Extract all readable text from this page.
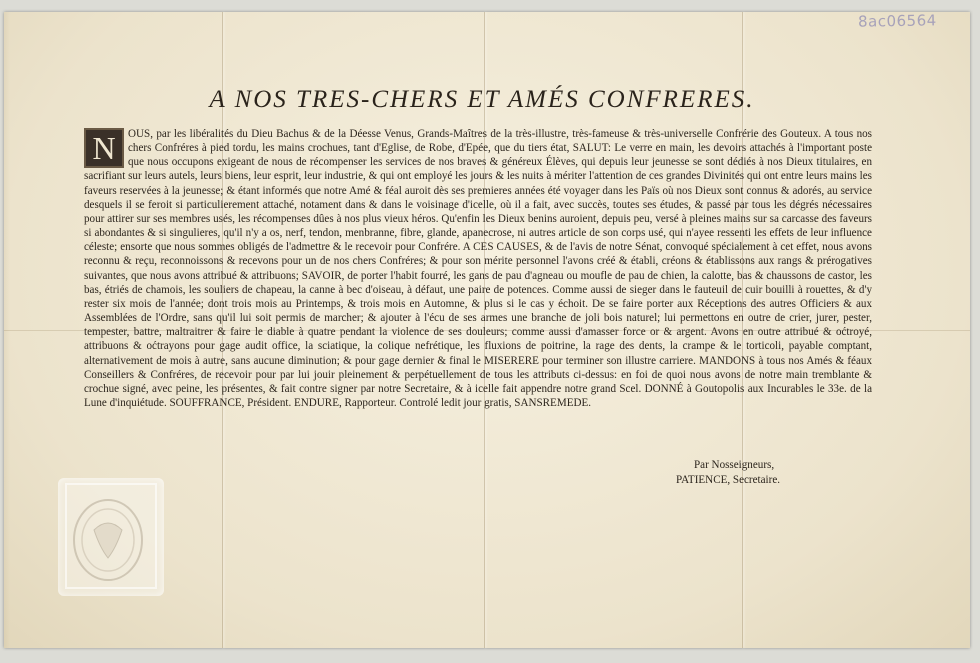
8ac06564
A NOS TRES-CHERS ET AMÉS CONFRERES.
N	OUS, par les libéralités du Dieu Bachus & de la Déesse Venus, Grands-Maîtres de la très-illustre, très-fameuse & très-universelle Confrérie des Gouteux. A tous nos chers Confréres à pied tordu, les mains crochues, tant d'Eglise, de Robe, d'Epée, que du tiers état, SALUT: Le verre en main, les devoirs attachés à l'important poste que nous occupons exigeant de nous de récompenser les services de nos braves & généreux Élèves, qui depuis leur jeunesse se sont dédiés à nos Dieux titulaires, en sacrifiant sur leurs autels, leurs biens, leur esprit, leur industrie, & qui ont employé les jours & les nuits à mériter l'attention de ces grandes Divinités qui ont entre leurs mains les faveurs reservées à la jeunesse; & étant informés que notre Amé & féal auroit dès ses premieres années été voyager dans les Païs où nos Dieux sont connus & adorés, au service desquels il se feroit si particulierement attaché, notament dans & dans le voisinage d'icelle, où il a fait, avec succès, toutes ses études, & passé par tous les dégrés nécessaires pour attirer sur ses membres usés, les récompenses dûes à nos plus vieux héros. Qu'enfin les Dieux benins auroient, depuis peu, versé à pleines mains sur sa carcasse des faveurs si abondantes & si singulieres, qu'il n'y a os, nerf, tendon, menbranne, fibre, glande, apanecrose, ni autres article de son corps usé, qui n'ayee ressenti les effets de leur influence céleste; ensorte que nous sommes obligés de l'admettre & le recevoir pour Confrére. A CES CAUSES, & de l'avis de notre Sénat, convoqué spécialement à cet effet, nous avons reconnu & reçu, reconnoissons & recevons pour un de nos chers Confréres; & pour son mérite personnel l'avons créé & établi, créons & établissons aux rangs & prérogatives suivantes, que nous avons attribué & attribuons; SAVOIR, de porter l'habit fourré, les gans de pau d'agneau ou moufle de pau de chien, la calotte, bas & chaussons de castor, les bas, étriés de chamois, les souliers de chapeau, la canne à bec d'oiseau, à défaut, une paire de potences. Comme aussi de sieger dans le fauteuil de cuir bouilli à rouettes, & d'y rester six mois de l'année; dont trois mois au Printemps, & trois mois en Automne, & plus si le cas y échoit. De se faire porter aux Réceptions des autres Officiers & aux Assemblées de l'Ordre, sans qu'il lui soit permis de marcher; & ajouter à l'écu de ses armes une branche de joli bois naturel; lui permettons en outre de crier, jurer, pester, tempester, battre, maltraitrer & faire le diable à quatre pendant la violence de ses douleurs; comme aussi d'amasser force or & argent. Avons en outre attribué & oćtroyé, attribuons & oćtrayons pour gage audit office, la sciatique, la colique nefrétique, les fluxions de poitrine, la rage des dents, la crampe & le torticoli, payable comptant, alternativement de mois à autre, sans aucune diminution; & pour gage dernier & final le MISERERE pour terminer son illustre carriere. MANDONS à tous nos Amés & féaux Conseillers & Confréres, de recevoir pour par lui jouir pleinement & perpétuellement de tous les attributs ci-dessus: en foi de quoi nous avons de notre main tremblante & crochue signé, avec peine, les présentes, & fait contre signer par notre Secretaire, & à icelle fait appendre notre grand Scel. DONNÉ à Goutopolis aux Incurables le 33e. de la Lune d'inquiétude. SOUFFRANCE, Président. ENDURE, Rapporteur. Controlé ledit jour gratis, SANSREMEDE.

Par Nosseigneurs,
PATIENCE, Secretaire.
